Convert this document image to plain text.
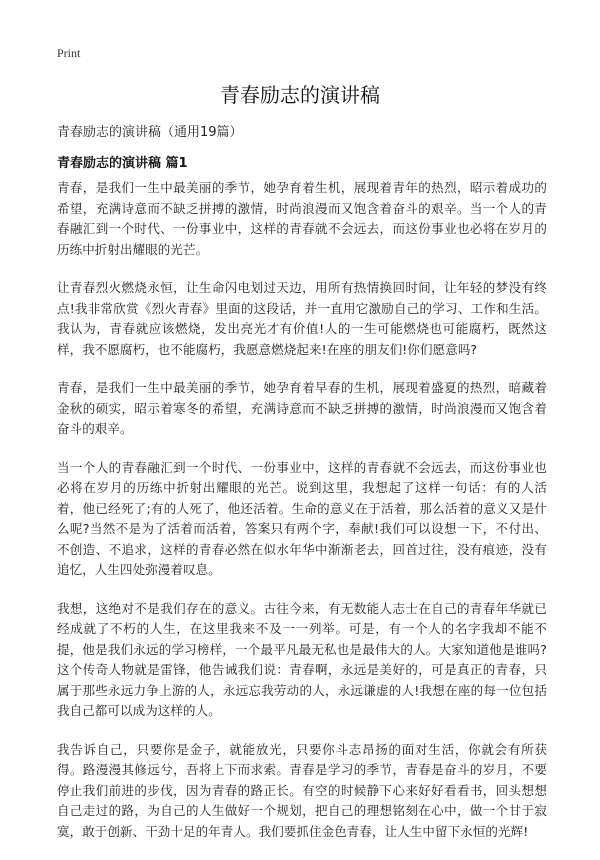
Print
青春励志的演讲稿
青春励志的演讲稿（通用19篇）
青春励志的演讲稿 篇1

青春，是我们一生中最美丽的季节，她孕育着生机，展现着青年的热烈，昭示着成功的希望，充满诗意而不缺乏拼搏的激情，时尚浪漫而又饱含着奋斗的艰辛。当一个人的青春融汇到一个时代、一份事业中，这样的青春就不会远去，而这份事业也必将在岁月的历练中折射出耀眼的光芒。

让青春烈火燃烧永恒，让生命闪电划过天边，用所有热情换回时间，让年轻的梦没有终点!我非常欣赏《烈火青春》里面的这段话，并一直用它激励自己的学习、工作和生活。我认为，青春就应该燃烧，发出亮光才有价值!人的一生可能燃烧也可能腐朽，既然这样，我不愿腐朽，也不能腐朽，我愿意燃烧起来!在座的朋友们!你们愿意吗?

青春，是我们一生中最美丽的季节，她孕育着早春的生机，展现着盛夏的热烈，暗藏着金秋的硕实，昭示着寒冬的希望，充满诗意而不缺乏拼搏的激情，时尚浪漫而又饱含着奋斗的艰辛。

当一个人的青春融汇到一个时代、一份事业中，这样的青春就不会远去，而这份事业也必将在岁月的历练中折射出耀眼的光芒。说到这里，我想起了这样一句话：有的人活着，他已经死了;有的人死了，他还活着。生命的意义在于活着，那么活着的意义又是什么呢?当然不是为了活着而活着，答案只有两个字，奉献!我们可以设想一下，不付出、不创造、不追求，这样的青春必然在似水年华中渐渐老去，回首过往，没有痕迹，没有追忆，人生四处弥漫着叹息。

我想，这绝对不是我们存在的意义。古往今来，有无数能人志士在自己的青春年华就已经成就了不朽的人生，在这里我来不及一一列举。可是，有一个人的名字我却不能不提，他是我们永远的学习榜样，一个最平凡最无私也是最伟大的人。大家知道他是谁吗?这个传奇人物就是雷锋，他告诫我们说：青春啊，永远是美好的，可是真正的青春，只属于那些永远力争上游的人，永远忘我劳动的人，永远谦虚的人!我想在座的每一位包括我自己都可以成为这样的人。

我告诉自己，只要你是金子，就能放光，只要你斗志昂扬的面对生活，你就会有所获得。路漫漫其修远兮，吾将上下而求索。青春是学习的季节，青春是奋斗的岁月，不要停止我们前进的步伐，因为青春的路正长。有空的时候静下心来好好看看书，回头想想自己走过的路，为自己的人生做好一个规划，把自己的理想铭刻在心中，做一个甘于寂寞，敢于创新、干劲十足的年青人。我们要抓住金色青春，让人生中留下永恒的光辉!
